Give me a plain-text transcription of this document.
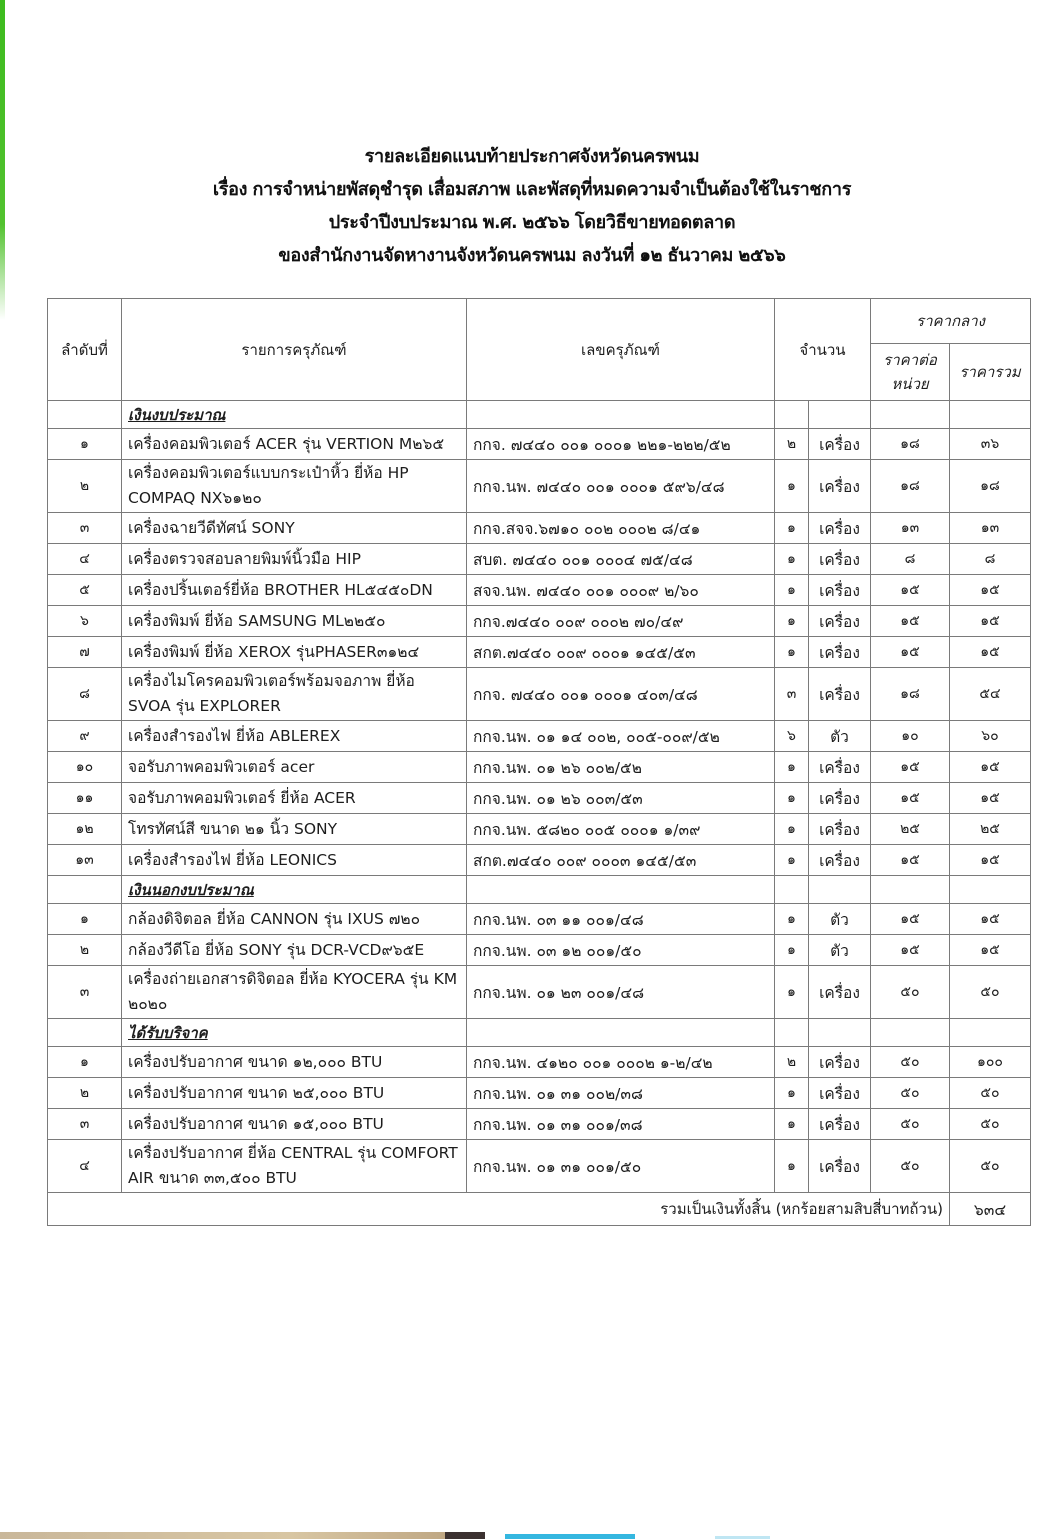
รายละเอียดแนบท้ายประกาศจังหวัดนครพนม
เรื่อง การจำหน่ายพัสดุชำรุด เสื่อมสภาพ และพัสดุที่หมดความจำเป็นต้องใช้ในราชการ
ประจำปีงบประมาณ พ.ศ. ๒๕๖๖ โดยวิธีขายทอดตลาด
ของสำนักงานจัดหางานจังหวัดนครพนม ลงวันที่ ๑๒ ธันวาคม ๒๕๖๖
ลำดับที่	รายการครุภัณฑ์	เลขครุภัณฑ์	จำนวน		ราคากลาง	
					ราคาต่อหน่วย	ราคารวม
	เงินงบประมาณ					
๑	เครื่องคอมพิวเตอร์ ACER รุ่น VERTION M๒๖๕	กกจ. ๗๔๔๐ ๐๐๑ ๐๐๐๑ ๒๒๑-๒๒๒/๕๒	๒	เครื่อง	๑๘	๓๖
๒	เครื่องคอมพิวเตอร์แบบกระเป๋าหิ้ว ยี่ห้อ HP COMPAQ NX๖๑๒๐	กกจ.นพ. ๗๔๔๐ ๐๐๑ ๐๐๐๑ ๕๙๖/๔๘	๑	เครื่อง	๑๘	๑๘
๓	เครื่องฉายวีดีทัศน์ SONY	กกจ.สจจ.๖๗๑๐ ๐๐๒ ๐๐๐๒ ๘/๔๑	๑	เครื่อง	๑๓	๑๓
๔	เครื่องตรวจสอบลายพิมพ์นิ้วมือ HIP	สบต. ๗๔๔๐ ๐๐๑ ๐๐๐๔ ๗๕/๔๘	๑	เครื่อง	๘	๘
๕	เครื่องปริ้นเตอร์ยี่ห้อ BROTHER HL๕๔๕๐DN	สจจ.นพ. ๗๔๔๐ ๐๐๑ ๐๐๐๙ ๒/๖๐	๑	เครื่อง	๑๕	๑๕
๖	เครื่องพิมพ์ ยี่ห้อ SAMSUNG ML๒๒๕๐	กกจ.๗๔๔๐ ๐๐๙ ๐๐๐๒ ๗๐/๔๙	๑	เครื่อง	๑๕	๑๕
๗	เครื่องพิมพ์ ยี่ห้อ XEROX รุ่นPHASER๓๑๒๔	สกต.๗๔๔๐ ๐๐๙ ๐๐๐๑ ๑๔๕/๕๓	๑	เครื่อง	๑๕	๑๕
๘	เครื่องไมโครคอมพิวเตอร์พร้อมจอภาพ ยี่ห้อ SVOA รุ่น EXPLORER	กกจ. ๗๔๔๐ ๐๐๑ ๐๐๐๑ ๔๐๓/๔๘	๓	เครื่อง	๑๘	๕๔
๙	เครื่องสำรองไฟ ยี่ห้อ ABLEREX	กกจ.นพ. ๐๑ ๑๔ ๐๐๒, ๐๐๕-๐๐๙/๕๒	๖	ตัว	๑๐	๖๐
๑๐	จอรับภาพคอมพิวเตอร์ acer	กกจ.นพ. ๐๑ ๒๖ ๐๐๒/๕๒	๑	เครื่อง	๑๕	๑๕
๑๑	จอรับภาพคอมพิวเตอร์ ยี่ห้อ ACER	กกจ.นพ. ๐๑ ๒๖ ๐๐๓/๕๓	๑	เครื่อง	๑๕	๑๕
๑๒	โทรทัศน์สี ขนาด ๒๑ นิ้ว SONY	กกจ.นพ. ๕๘๒๐ ๐๐๕ ๐๐๐๑ ๑/๓๙	๑	เครื่อง	๒๕	๒๕
๑๓	เครื่องสำรองไฟ ยี่ห้อ LEONICS	สกต.๗๔๔๐ ๐๐๙ ๐๐๐๓ ๑๔๕/๕๓	๑	เครื่อง	๑๕	๑๕
	เงินนอกงบประมาณ					
๑	กล้องดิจิตอล ยี่ห้อ CANNON รุ่น IXUS ๗๒๐	กกจ.นพ. ๐๓ ๑๑ ๐๐๑/๔๘	๑	ตัว	๑๕	๑๕
๒	กล้องวีดีโอ ยี่ห้อ SONY รุ่น DCR-VCD๙๖๕E	กกจ.นพ. ๐๓ ๑๒ ๐๐๑/๕๐	๑	ตัว	๑๕	๑๕
๓	เครื่องถ่ายเอกสารดิจิตอล ยี่ห้อ KYOCERA รุ่น KM ๒๐๒๐	กกจ.นพ. ๐๑ ๒๓ ๐๐๑/๔๘	๑	เครื่อง	๕๐	๕๐
	ได้รับบริจาค					
๑	เครื่องปรับอากาศ ขนาด ๑๒,๐๐๐ BTU	กกจ.นพ. ๔๑๒๐ ๐๐๑ ๐๐๐๒ ๑-๒/๔๒	๒	เครื่อง	๕๐	๑๐๐
๒	เครื่องปรับอากาศ ขนาด ๒๕,๐๐๐ BTU	กกจ.นพ. ๐๑ ๓๑ ๐๐๒/๓๘	๑	เครื่อง	๕๐	๕๐
๓	เครื่องปรับอากาศ ขนาด ๑๕,๐๐๐ BTU	กกจ.นพ. ๐๑ ๓๑ ๐๐๑/๓๘	๑	เครื่อง	๕๐	๕๐
๔	เครื่องปรับอากาศ ยี่ห้อ CENTRAL รุ่น COMFORT AIR ขนาด ๓๓,๕๐๐ BTU	กกจ.นพ. ๐๑ ๓๑ ๐๐๑/๕๐	๑	เครื่อง	๕๐	๕๐
รวมเป็นเงินทั้งสิ้น (หกร้อยสามสิบสี่บาทถ้วน)						๖๓๔
